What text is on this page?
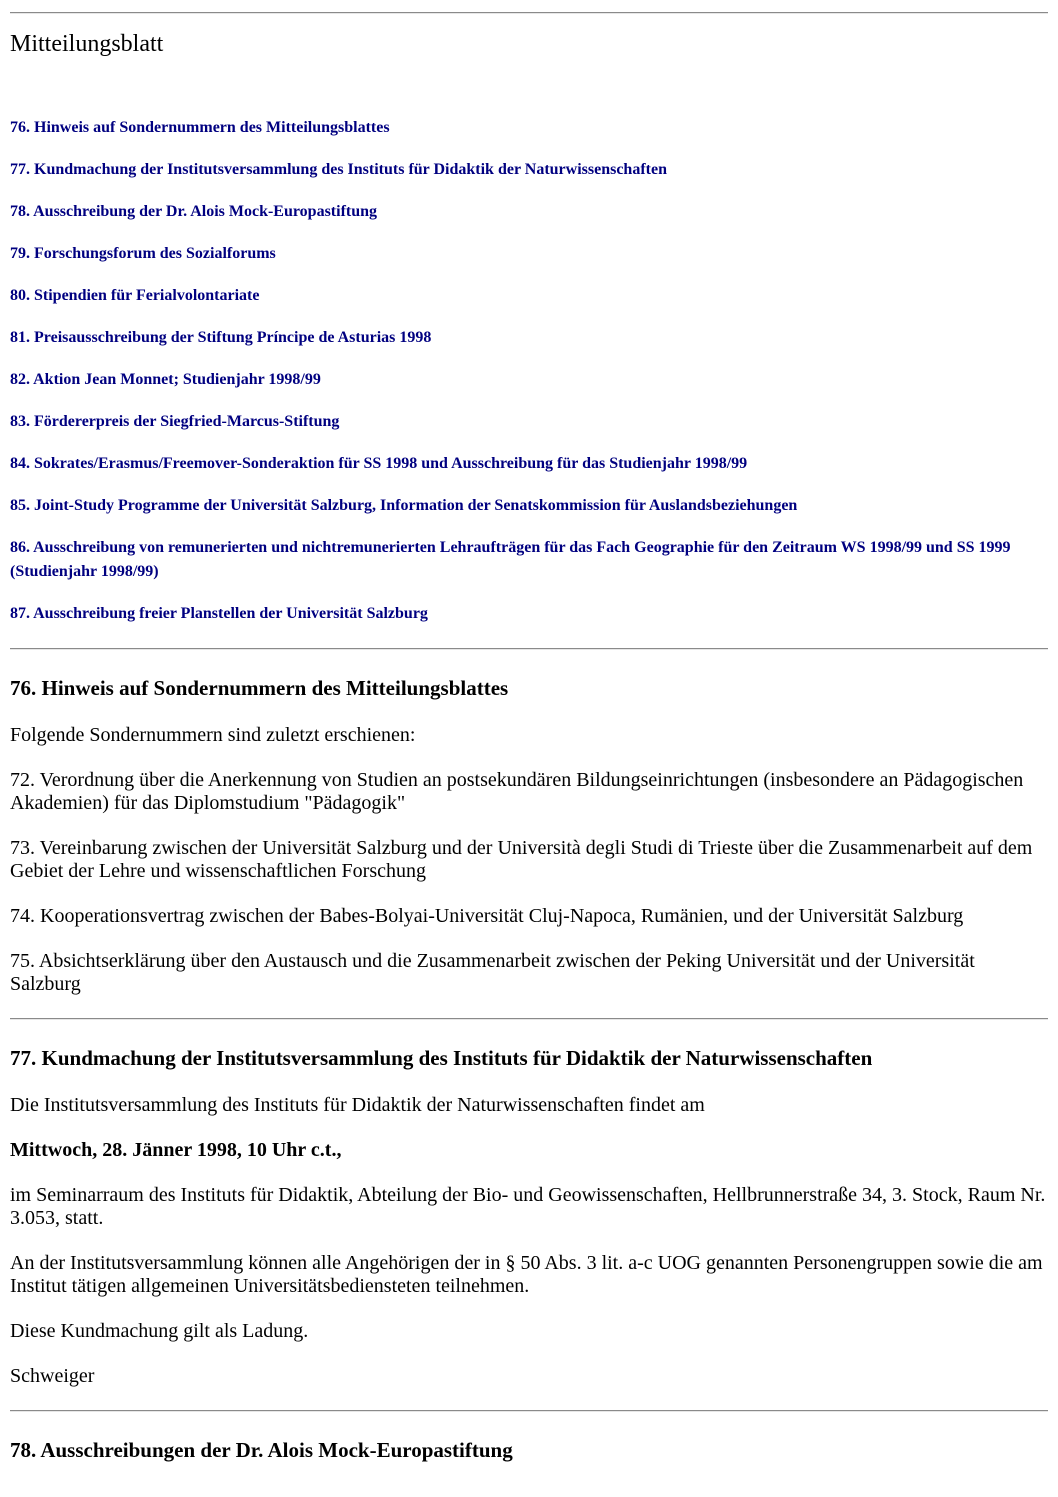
Mitteilungsblatt

76. Hinweis auf Sondernummern des Mitteilungsblattes

77. Kundmachung der Institutsversammlung des Instituts für Didaktik der Naturwissenschaften

78. Ausschreibung der Dr. Alois Mock-Europastiftung

79. Forschungsforum des Sozialforums

80. Stipendien für Ferialvolontariate

81. Preisausschreibung der Stiftung Príncipe de Asturias 1998

82. Aktion Jean Monnet; Studienjahr 1998/99

83. Fördererpreis der Siegfried-Marcus-Stiftung

84. Sokrates/Erasmus/Freemover-Sonderaktion für SS 1998 und Ausschreibung für das Studienjahr 1998/99

85. Joint-Study Programme der Universität Salzburg, Information der Senatskommission für Auslandsbeziehungen

86. Ausschreibung von remunerierten und nichtremunerierten Lehraufträgen für das Fach Geographie für den Zeitraum WS 1998/99 und SS 1999 (Studienjahr 1998/99)

87. Ausschreibung freier Planstellen der Universität Salzburg

76. Hinweis auf Sondernummern des Mitteilungsblattes

Folgende Sondernummern sind zuletzt erschienen:

72. Verordnung über die Anerkennung von Studien an postsekundären Bildungseinrichtungen (insbesondere an Pädagogischen Akademien) für das Diplomstudium "Pädagogik"

73. Vereinbarung zwischen der Universität Salzburg und der Università degli Studi di Trieste über die Zusammenarbeit auf dem Gebiet der Lehre und wissenschaftlichen Forschung

74. Kooperationsvertrag zwischen der Babes-Bolyai-Universität Cluj-Napoca, Rumänien, und der Universität Salzburg

75. Absichtserklärung über den Austausch und die Zusammenarbeit zwischen der Peking Universität und der Universität Salzburg

77. Kundmachung der Institutsversammlung des Instituts für Didaktik der Naturwissenschaften

Die Institutsversammlung des Instituts für Didaktik der Naturwissenschaften findet am

Mittwoch, 28. Jänner 1998, 10 Uhr c.t.,

im Seminarraum des Instituts für Didaktik, Abteilung der Bio- und Geowissenschaften, Hellbrunnerstraße 34, 3. Stock, Raum Nr. 3.053, statt.

An der Institutsversammlung können alle Angehörigen der in § 50 Abs. 3 lit. a-c UOG genannten Personengruppen sowie die am Institut tätigen allgemeinen Universitätsbediensteten teilnehmen.

Diese Kundmachung gilt als Ladung.

Schweiger

78. Ausschreibungen der Dr. Alois Mock-Europastiftung
